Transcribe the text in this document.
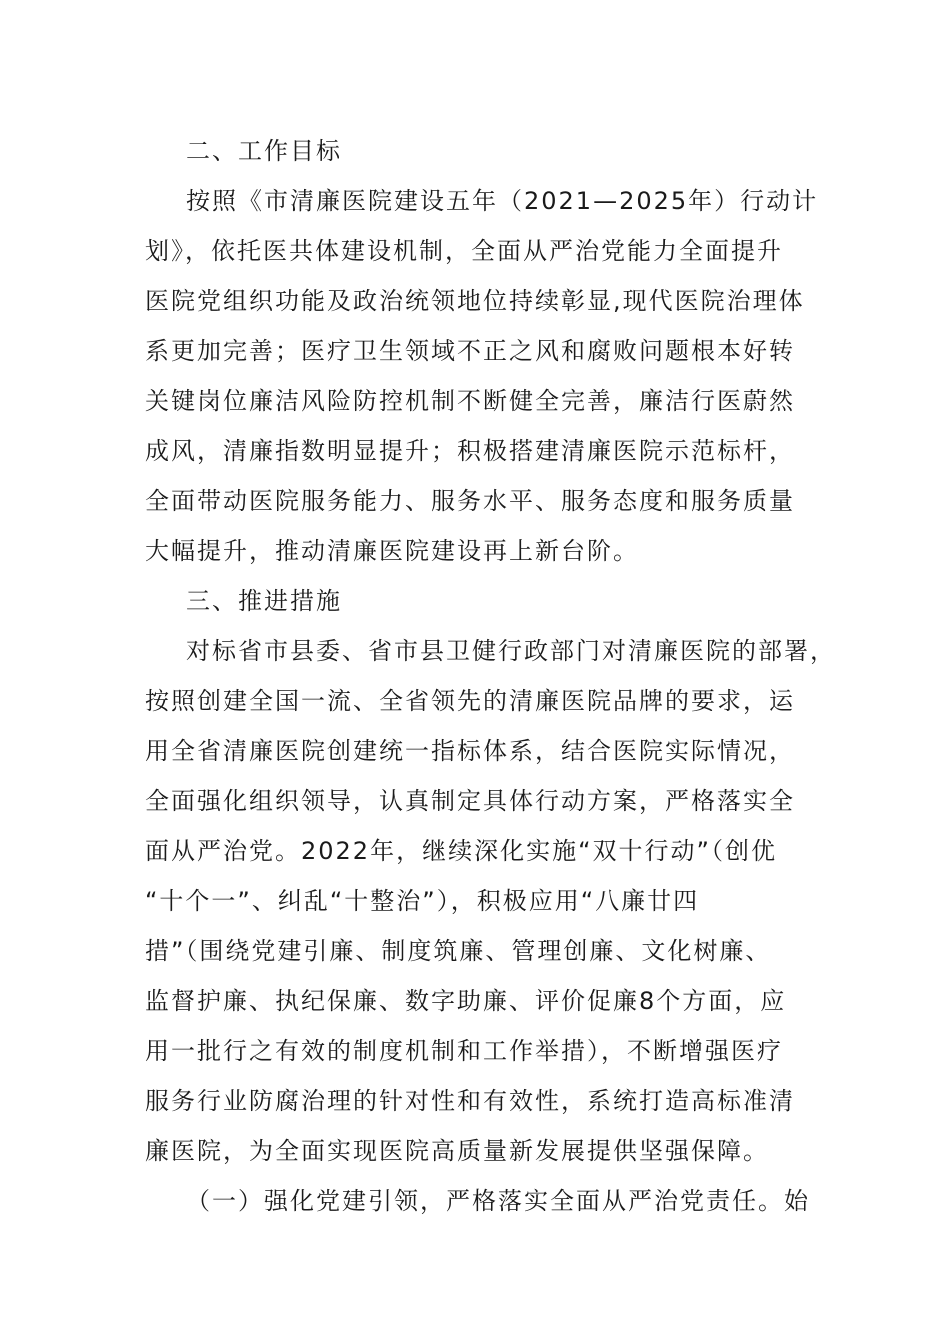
二、工作目标

按照《市清廉医院建设五年（2021—2025年）行动计

划》，依托医共体建设机制，全面从严治党能力全面提升

医院党组织功能及政治统领地位持续彰显,现代医院治理体

系更加完善；医疗卫生领域不正之风和腐败问题根本好转

关键岗位廉洁风险防控机制不断健全完善，廉洁行医蔚然

成风，清廉指数明显提升；积极搭建清廉医院示范标杆，

全面带动医院服务能力、服务水平、服务态度和服务质量

大幅提升，推动清廉医院建设再上新台阶。

三、推进措施

对标省市县委、省市县卫健行政部门对清廉医院的部署，

按照创建全国一流、全省领先的清廉医院品牌的要求，运

用全省清廉医院创建统一指标体系，结合医院实际情况，

全面强化组织领导，认真制定具体行动方案，严格落实全

面从严治党。2022年，继续深化实施“双十行动”（创优

“十个一”、纠乱“十整治”），积极应用“八廉廿四

措”（围绕党建引廉、制度筑廉、管理创廉、文化树廉、

监督护廉、执纪保廉、数字助廉、评价促廉8个方面，应

用一批行之有效的制度机制和工作举措），不断增强医疗

服务行业防腐治理的针对性和有效性，系统打造高标准清

廉医院，为全面实现医院高质量新发展提供坚强保障。

（一）强化党建引领，严格落实全面从严治党责任。始
